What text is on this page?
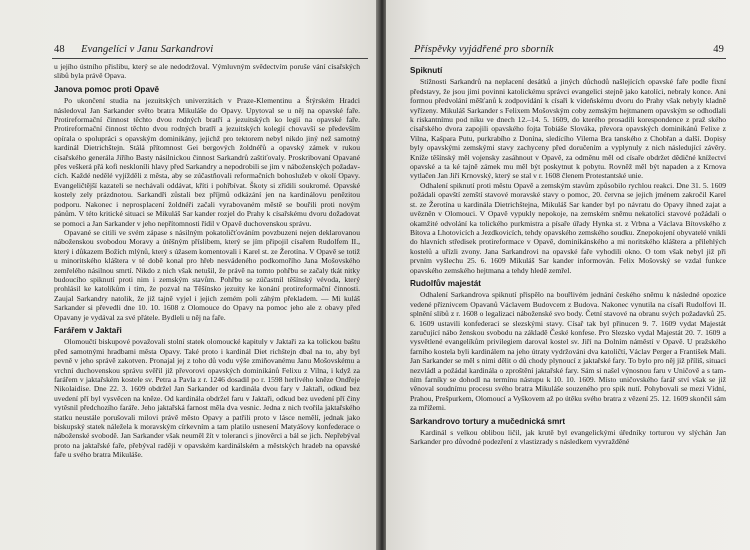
48 Evangelíci v Janu Sarkandrovi

u jejího ústního přislibu, který se ale nedodržoval. Výmluvným svědectvím poruše vání císařských slibů byla právě Opava.

Janova pomoc proti Opavě

Po ukončení studia na jezuitských univerzitách v Praze-Klementinu a Štýrském Hradci následoval Jan Sarkander světo bratra Mikuláše do Opavy. Upytoval se u něj na opavské faře. Protireformační činnost těchto dvou rodných bratří a jezuitských ko legií na opavské faře. Protireformační činnost těchto dvou rodných bratří a jezuitských kolegií chovavší se především opírala o spolupráci s opavským dominikány, jejichž pro tektorem nebyl nikdo jiný než samotný kardinál Dietrichštejn. Stálá přítomnost Gei bergových žoldnéřů a opavský zámek v rukou císařského generála Jiřího Basty násilnickou činnost Sarkandrů zaštiťovaly. Proskribovaní Opavané přes veškerá přá kofi neskloníli hlavy před Sarkandry a nepodrobili se jim v náboženských požadav cích. Každé nedělé vyjížděli z města, aby se zúčastňovali reformačních bohoslužeb v okolí Opavy. Evangeličtější kazateli se nechávali oddávat, kříti i pohřbívat. Škoty si zřídili soukromé. Opavské kostely zely prázdnotou. Sarkandři zůstali bez příjmů odkázání jen na kardinálovu penězitou podporu. Nakonec i neprosplacení žoldnéři začali vyrabovaném městě se bouřili proti novým pánům. V této kritické situaci se Mikuláš Sar kander rozjel do Prahy k císařskému dvoru dožadovat se pomoci a Jan Sarkander v jeho nepřítomnosti řídil v Opavě duchovenskou správu.

Opavané se citili ve svém zápase s násilným pokatoličťováním povzbuzeni nejen deklarovanou náboženskou svobodou Moravy a útěšným příslibem, který se jím připojil císařem Rudolfem II., který i důkazem Božích mlýnů, který s úžasem komentovali i Karel st. ze Žerotína. V Opavě se totiž u minoritského kláštera v té době konal pro hřeb nesvádeného podkomořího Jana Mošovského zemřelého násilnou smrtí. Nikdo z nich však netušil, že právě na tomto pohřbu se začaly tkát nitky budoucího spiknutí proti nim i zemským stavům. Pohřbu se zúčastnil těšínský vévoda, který prohlásil ke katolíkům i tím, že pozval na Těšínsko jezuity ke konání protireformační činnosti. Zaujal Sarkandry natolik, že již tajně vyjel i jejich zemém poli záhým překladem. — Mi kuláš Sarkander si převedli dne 10. 10. 1608 z Olomouce do Opavy na pomoc jeho ale z obavy před Opavany je vydával za své přátele. Bydleli u něj na faře.

Farářem v Jaktaři

Olomoučtí biskupové považovali stolní statek olomoucké kapituly v Jaktaři za ka tolickou baštu před samotnými hradbami města Opavy. Také proto i kardinál Diet richštejn dbal na to, aby byl pevně v jeho správě zakotven. Pronajal jej z toho dů vodu výše zmiňovanému Janu Mošovskému a vrchní duchovenskou správu svěřil již převorovi opavských dominikánů Felixu z Vilna, i když za farářem v jaktařském kostele sv. Petra a Pavla z r. 1246 dosadil po r. 1598 herlivého kněze Ondřeje Nikolaidise. Dne 22. 3. 1609 obdržel Jan Sarkander od kardinála dvou fary v Jaktaři, odkud bez uvedení pří byl vysvěcen na kněze. Od kardinála obdržel faru v Jaktaři, odkud bez uvedení pří činy vytěsnil předchozího faráře. Jeho jaktařská farnost měla dva vesnic. Jedna z nich tvořila jaktařského statku neustále porušovali milovi právě město Opavy a patřili proto v lásce nemělí, jednak jako biskupský statek náležela k moravským církevním a tam platilo usnesení Matyášovy konfederace o náboženské svobodě. Jan Sarkander však neuměl žít v toleranci s jinověrci a bál se jich. Nepřebýval proto na jaktařské faře, přebýval raději v opavském kardinálském a městských hradeb na opavské faře u svého bratra Mikuláše.

Příspěvky vyjádřené pro sborník	49
Spiknutí

Stížnosti Sarkandrů na neplacení desátků a jiných důchodů našlejících opavské faře podle fixní představy, že jsou jimi povinni katolickému správci evangelici stejně jako katolíci, nebraly konce. Ani formou předvolání měšťanů k zodpovídání k císaři k vídeňskému dvoru do Prahy však nebyly kladně vyřízeny. Mikuláš Sarkander s Felixem Mošovským coby zemským hejtmanem opavským se odhodlali k riskantnímu pod niku ve dnech 12.–14. 5. 1609, do kterého prosadili korespondence z praž ského císařského dvora zapojili opavského fojta Tobiáše Slováka, převora opavských dominikánů Felixe z Vilna, Kašpara Putu, purkrabího z Donína, sledícího Vilema Bra tanského z Chobřan a další. Dopisy byly opavskými zemskými stavy zachyceny před doručením a vyplynuly z nich následující závěry. Kníže těšínský měl vojensky zasáhnout v Opavě, za odměnu měl od císaře obdržet dědičné knížectví opavské a ta ké tajně zámek mu měl být poskytnut k pobytu. Rovněž měl být napaden a z Krnova vytlačen Jan Jiří Krnovský, který se stal v r. 1608 členem Protestantské unie.

Odhalení spiknutí proti městu Opavě a zemským stavům způsobilo rychlou reakci. Dne 31. 5. 1609 požádali opavští zemští stavové moravské stavy o pomoc, 20. června se jejich jménem zakročil Karel st. ze Žerotína u kardinála Dietrichštejna, Mikuláš Sar kander byl po návratu do Opavy ihned zajat a uvězněn v Olomouci. V Opavě vypukly nepokoje, na zemském sněmu nekatolíci stavové požádali o okamžité odvolání ka tolického purkmistra a písaře úřady Hynka st. z Vrbna a Václava Bítovského z Bítova a Lhotovicích a Jezdkovicích, tehdy opavského zemského soudku. Znepokojení obyvatelé vnikli do hlavních středisek protireformace v Opavě, dominikánského a mi noritského kláštera a přilehlých kostelů a uřízli zvony. Jana Sarkandrovi na opavské faře vyhodili okno. O tom však nebyl již při prvním vyšlechu 25. 6. 1609 Mikuláš Sar kander informován. Felix Mošovský se vzdal funkce opavského zemského hejtmana a tehdy hledě zemřel.

Rudolfův majestát

Odhalení Sarkandrova spiknutí přispělo na bouřlivém jednání českého sněmu k následné opozice vedené příznivcem Opavanů Václavem Budovcem z Budova. Nakonec vynutila na císaři Rudolfovi II. splnění slibů z r. 1608 o legalizaci náboženské svo body. Četní stavové na obranu svých požadavků 25. 6. 1609 ustavili konfederaci se slezskými stavy. Císař tak byl přinucen 9. 7. 1609 vydat Majestát zaručující nábo ženskou svobodu na základě České konfese. Pro Slezsko vydal Majestát 20. 7. 1609 a vysvětlené evangelíkům privilegiem daroval kostel sv. Jiří na Dolním náměstí v Opavě. U pražského farního kostela byli kardinálem na jeho útraty vydržováni dva katoličtí, Václav Perger a František Mali. Jan Sarkander se měl s nimi dělit o dů chody plynoucí z jaktařské fary. To bylo pro něj již příliš, situaci nezvládl a požádal kardinála o zproštění jaktařské fary. Sám si našel výnosnou faru v Uničově a s tam ním farníky se dohodl na termínu nástupu k 10. 10. 1609. Místo uničovského farář ství však se již věnoval soudnímu procesu svého bratra Mikuláše souzeného pro spik nutí. Pohybovali se mezi Vídní, Prahou, Prešpurkem, Olomoucí a Vyškovem až po útěku svého bratra z vězení 25. 12. 1609 skončil sám za mřížemi.

Sarkandrovo tortury a mučednická smrt

Kardinál s velkou oblibou ličil, jak krutě byl evangelickými úředníky torturou vy slýchán Jan Sarkander pro důvodné podezření z vlastizrady s následkem vyvražděné
